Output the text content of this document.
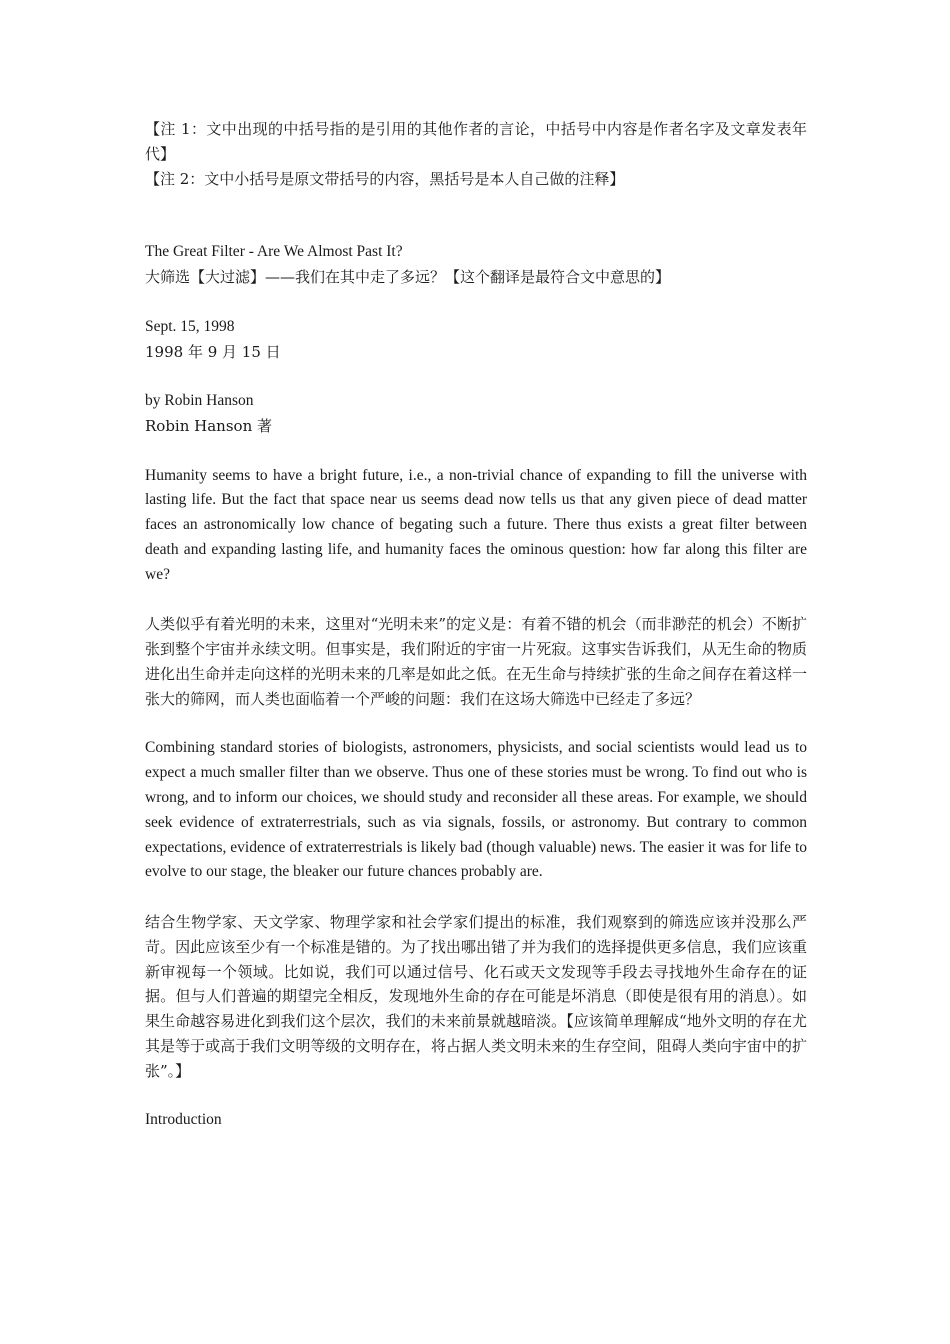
【注 1：文中出现的中括号指的是引用的其他作者的言论，中括号中内容是作者名字及文章发表年代】

【注 2：文中小括号是原文带括号的内容，黑括号是本人自己做的注释】

The Great Filter - Are We Almost Past It?
大筛选【大过滤】——我们在其中走了多远？【这个翻译是最符合文中意思的】
Sept. 15, 1998
1998 年 9 月 15 日
by Robin Hanson
Robin Hanson 著

Humanity seems to have a bright future, i.e., a non-trivial chance of expanding to fill the universe with lasting life. But the fact that space near us seems dead now tells us that any given piece of dead matter faces an astronomically low chance of begating such a future. There thus exists a great filter between death and expanding lasting life, and humanity faces the ominous question: how far along this filter are we?

人类似乎有着光明的未来，这里对“光明未来”的定义是：有着不错的机会（而非渺茫的机会）不断扩张到整个宇宙并永续文明。但事实是，我们附近的宇宙一片死寂。这事实告诉我们，从无生命的物质进化出生命并走向这样的光明未来的几率是如此之低。在无生命与持续扩张的生命之间存在着这样一张大的筛网，而人类也面临着一个严峻的问题：我们在这场大筛选中已经走了多远？

Combining standard stories of biologists, astronomers, physicists, and social scientists would lead us to expect a much smaller filter than we observe. Thus one of these stories must be wrong. To find out who is wrong, and to inform our choices, we should study and reconsider all these areas. For example, we should seek evidence of extraterrestrials, such as via signals, fossils, or astronomy. But contrary to common expectations, evidence of extraterrestrials is likely bad (though valuable) news. The easier it was for life to evolve to our stage, the bleaker our future chances probably are.

结合生物学家、天文学家、物理学家和社会学家们提出的标准，我们观察到的筛选应该并没那么严苛。因此应该至少有一个标准是错的。为了找出哪出错了并为我们的选择提供更多信息，我们应该重新审视每一个领域。比如说，我们可以通过信号、化石或天文发现等手段去寻找地外生命存在的证据。但与人们普遍的期望完全相反，发现地外生命的存在可能是坏消息（即使是很有用的消息）。如果生命越容易进化到我们这个层次，我们的未来前景就越暗淡。【应该简单理解成“地外文明的存在尤其是等于或高于我们文明等级的文明存在，将占据人类文明未来的生存空间，阻碍人类向宇宙中的扩张”。】

Introduction
